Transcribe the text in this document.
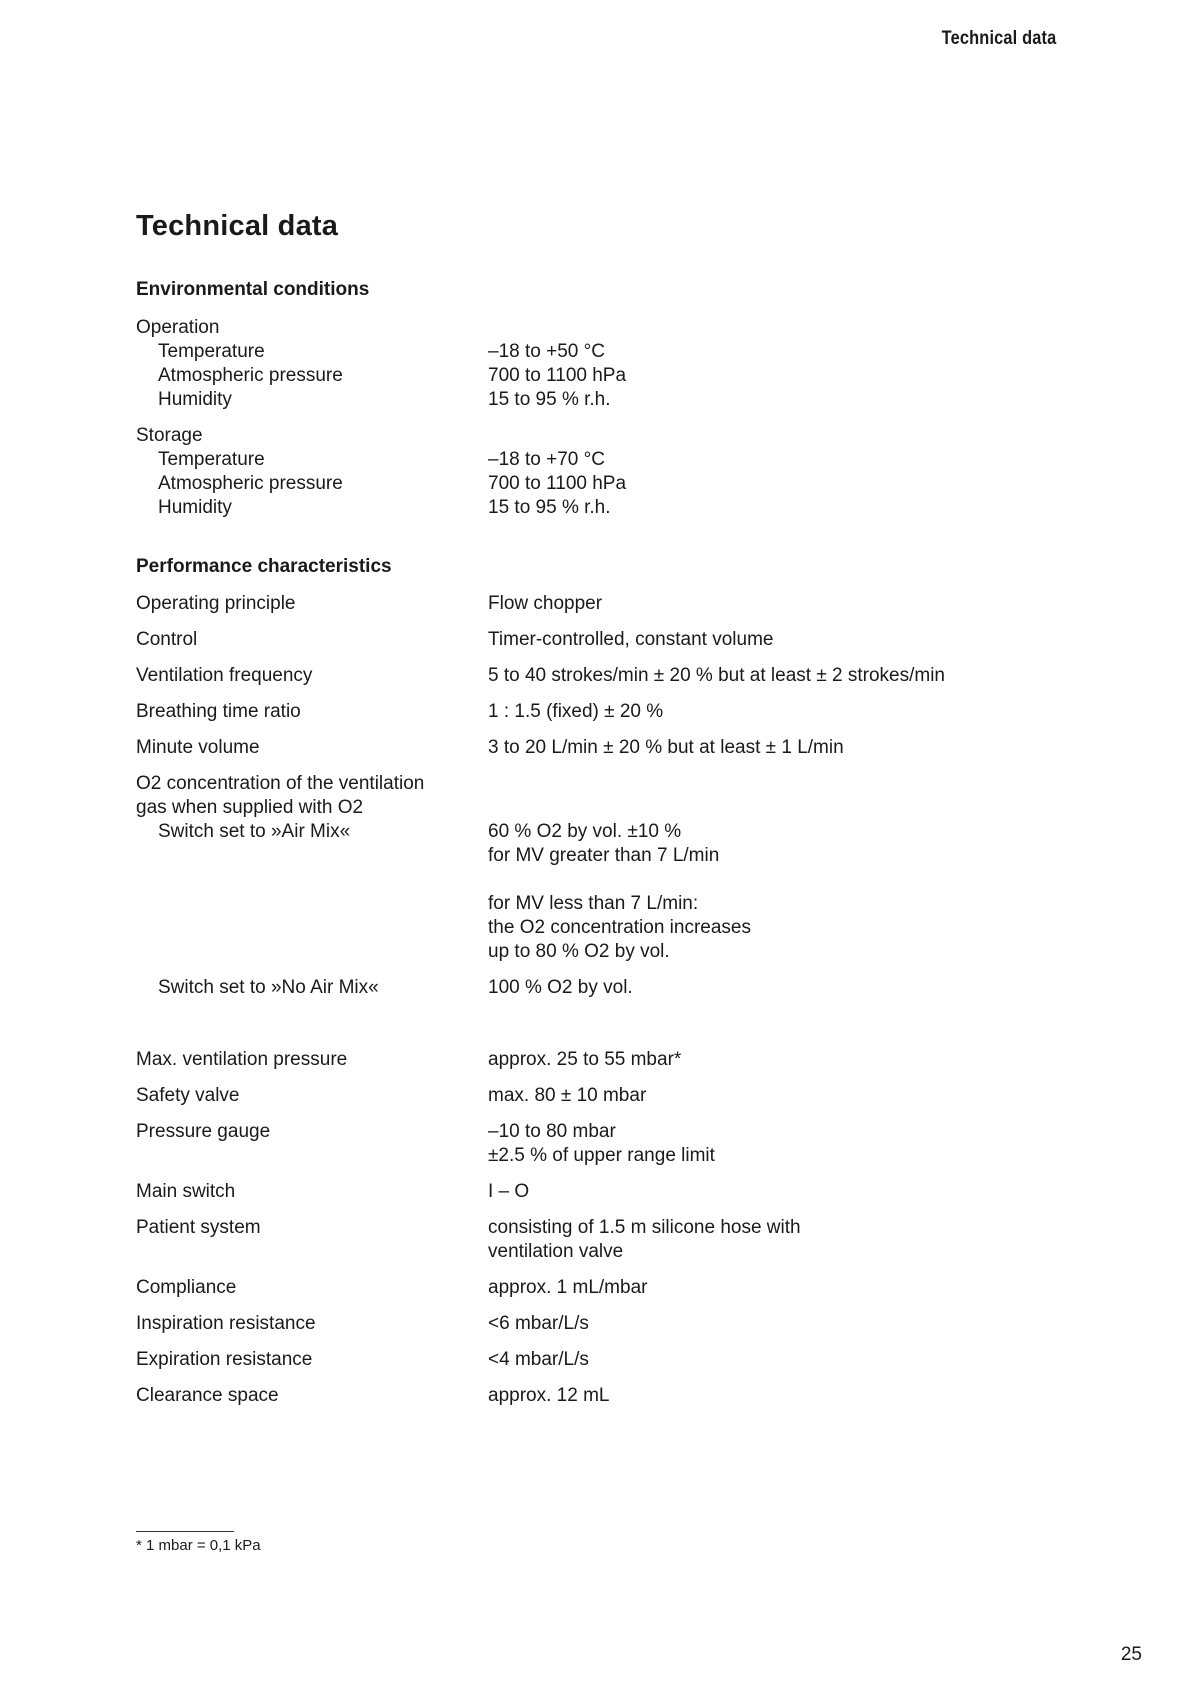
Technical data
Technical data
Environmental conditions
Operation
Temperature	–18 to +50 °C
Atmospheric pressure	700 to 1100 hPa
Humidity	15 to 95 % r.h.
Storage
Temperature	–18 to +70 °C
Atmospheric pressure	700 to 1100 hPa
Humidity	15 to 95 % r.h.
Performance characteristics
Operating principle	Flow chopper
Control	Timer-controlled, constant volume
Ventilation frequency	5 to 40 strokes/min ± 20 % but at least ± 2 strokes/min
Breathing time ratio	1 : 1.5 (fixed) ± 20 %
Minute volume	3 to 20 L/min ± 20 % but at least ± 1 L/min
O2 concentration of the ventilation
gas when supplied with O2
Switch set to »Air Mix«	60 % O2 by vol. ±10 %
for MV greater than 7 L/min
for MV less than 7 L/min:
the O2 concentration increases
up to 80 % O2 by vol.
Switch set to »No Air Mix«	100 % O2 by vol.
Max. ventilation pressure	approx. 25 to 55 mbar*
Safety valve	max. 80 ± 10 mbar
Pressure gauge	–10 to 80 mbar
±2.5 % of upper range limit
Main switch	I – O
Patient system	consisting of 1.5 m silicone hose with
ventilation valve
Compliance	approx. 1 mL/mbar
Inspiration resistance	<6 mbar/L/s
Expiration resistance	<4 mbar/L/s
Clearance space	approx. 12 mL
* 1 mbar = 0,1 kPa
25
